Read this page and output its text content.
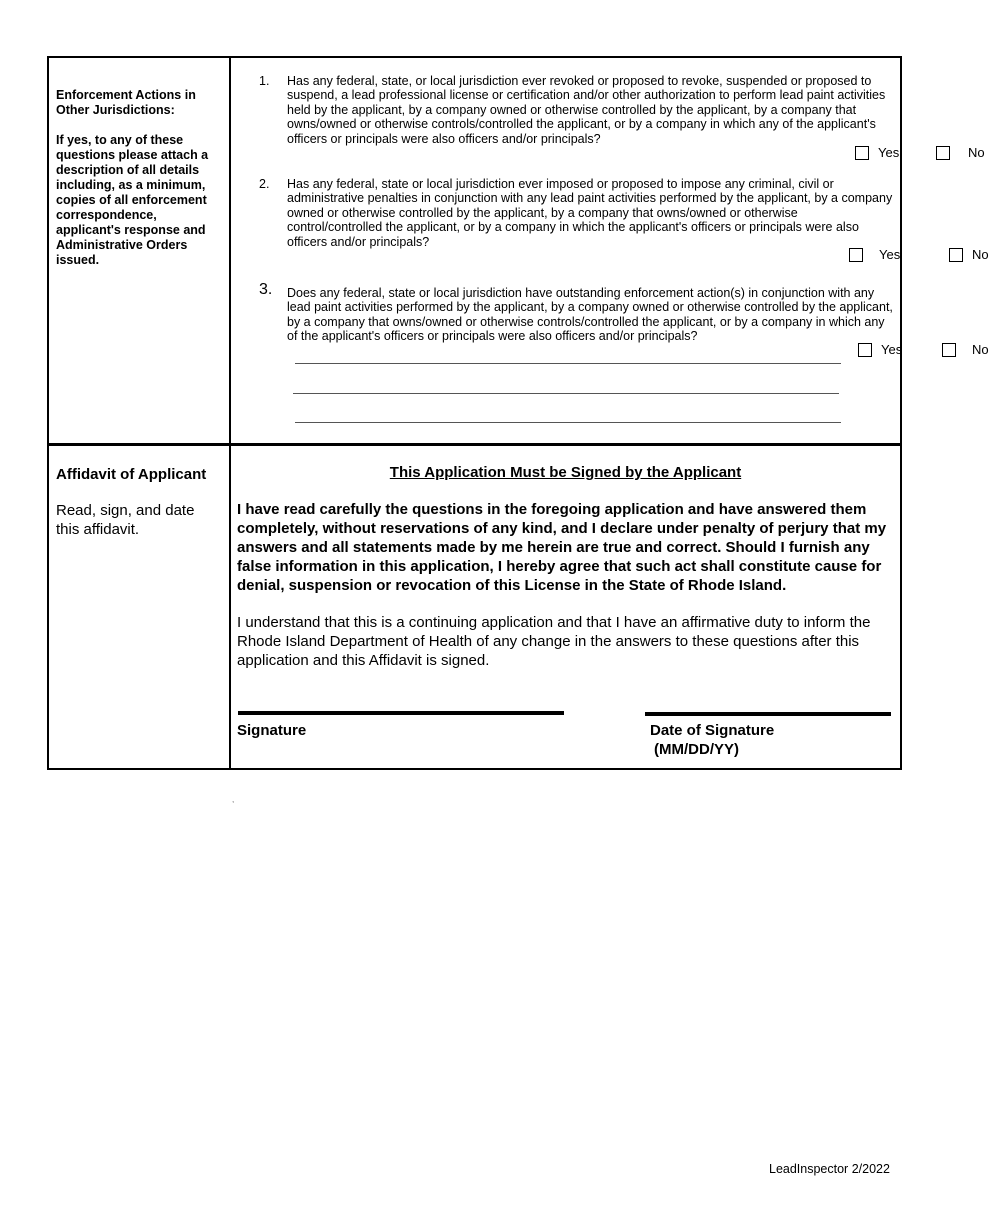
Enforcement Actions in Other Jurisdictions:
If yes, to any of these questions please attach a description of all details including, as a minimum, copies of all enforcement correspondence, applicant's response and Administrative Orders issued.
1.	Has any federal, state, or local jurisdiction ever revoked or proposed to revoke, suspended or proposed to suspend, a lead professional license or certification and/or other authorization to perform lead paint activities held by the applicant, by a company owned or otherwise controlled by the applicant, by a company that owns/owned or otherwise controls/controlled the applicant, or by a company in which any of the applicant's officers or principals were also officers and/or principals?
Yes	No
2.	Has any federal, state or local jurisdiction ever imposed or proposed to impose any criminal, civil or administrative penalties in conjunction with any lead paint activities performed by the applicant, by a company owned or otherwise controlled by the applicant, by a company that owns/owned or otherwise control/controlled the applicant, or by a company in which the applicant's officers or principals were also officers and/or principals?
Yes	No
3.	Does any federal, state or local jurisdiction have outstanding enforcement action(s) in conjunction with any lead paint activities performed by the applicant, by a company owned or otherwise controlled by the applicant, by a company that owns/owned or otherwise controls/controlled the applicant, or by a company in which any of the applicant's officers or principals were also officers and/or principals?
Yes	No
Affidavit of Applicant
Read, sign, and date this affidavit.
This Application Must be Signed by the Applicant
I have read carefully the questions in the foregoing application and have answered them completely, without reservations of any kind, and I declare under penalty of perjury that my answers and all statements made by me herein are true and correct. Should I furnish any false information in this application, I hereby agree that such act shall constitute cause for denial, suspension or revocation of this License in the State of Rhode Island.
I understand that this is a continuing application and that I have an affirmative duty to inform the Rhode Island Department of Health of any change in the answers to these questions after this application and this Affidavit is signed.
Signature	Date of Signature
(MM/DD/YY)
,
LeadInspector 2/2022
